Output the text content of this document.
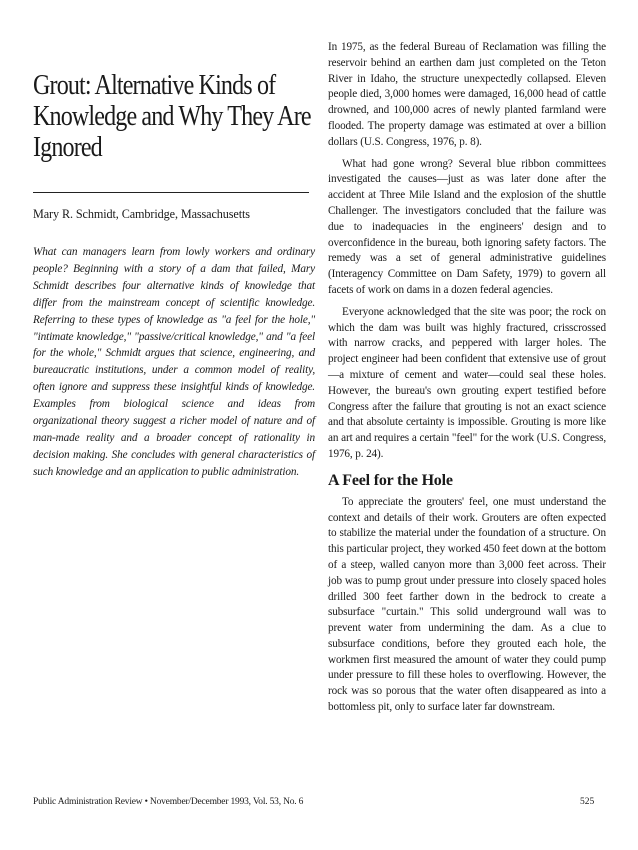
Grout: Alternative Kinds of Knowledge and Why They Are Ignored
Mary R. Schmidt, Cambridge, Massachusetts
What can managers learn from lowly workers and ordinary people? Beginning with a story of a dam that failed, Mary Schmidt describes four alternative kinds of knowledge that differ from the mainstream concept of scientific knowledge. Referring to these types of knowledge as "a feel for the hole," "intimate knowledge," "passive/critical knowledge," and "a feel for the whole," Schmidt argues that science, engineering, and bureaucratic institutions, under a common model of reality, often ignore and suppress these insightful kinds of knowledge. Examples from biological science and ideas from organizational theory suggest a richer model of nature and of man-made reality and a broader concept of rationality in decision making. She concludes with general characteristics of such knowledge and an application to public administration.

In 1975, as the federal Bureau of Reclamation was filling the reservoir behind an earthen dam just completed on the Teton River in Idaho, the structure unexpectedly collapsed. Eleven people died, 3,000 homes were damaged, 16,000 head of cattle drowned, and 100,000 acres of newly planted farmland were flooded. The property damage was estimated at over a billion dollars (U.S. Congress, 1976, p. 8).

What had gone wrong? Several blue ribbon committees investigated the causes—just as was later done after the accident at Three Mile Island and the explosion of the shuttle Challenger. The investigators concluded that the failure was due to inadequacies in the engineers' design and to overconfidence in the bureau, both ignoring safety factors. The remedy was a set of general administrative guidelines (Interagency Committee on Dam Safety, 1979) to govern all facets of work on dams in a dozen federal agencies.

Everyone acknowledged that the site was poor; the rock on which the dam was built was highly fractured, crisscrossed with narrow cracks, and peppered with larger holes. The project engineer had been confident that extensive use of grout—a mixture of cement and water—could seal these holes. However, the bureau's own grouting expert testified before Congress after the failure that grouting is not an exact science and that absolute certainty is impossible. Grouting is more like an art and requires a certain "feel" for the work (U.S. Congress, 1976, p. 24).

A Feel for the Hole

To appreciate the grouters' feel, one must understand the context and details of their work. Grouters are often expected to stabilize the material under the foundation of a structure. On this particular project, they worked 450 feet down at the bottom of a steep, walled canyon more than 3,000 feet across. Their job was to pump grout under pressure into closely spaced holes drilled 300 feet farther down in the bedrock to create a subsurface "curtain." This solid underground wall was to prevent water from undermining the dam. As a clue to subsurface conditions, before they grouted each hole, the workmen first measured the amount of water they could pump under pressure to fill these holes to overflowing. However, the rock was so porous that the water often disappeared as into a bottomless pit, only to surface later far downstream.

Public Administration Review • November/December 1993, Vol. 53, No. 6	525
